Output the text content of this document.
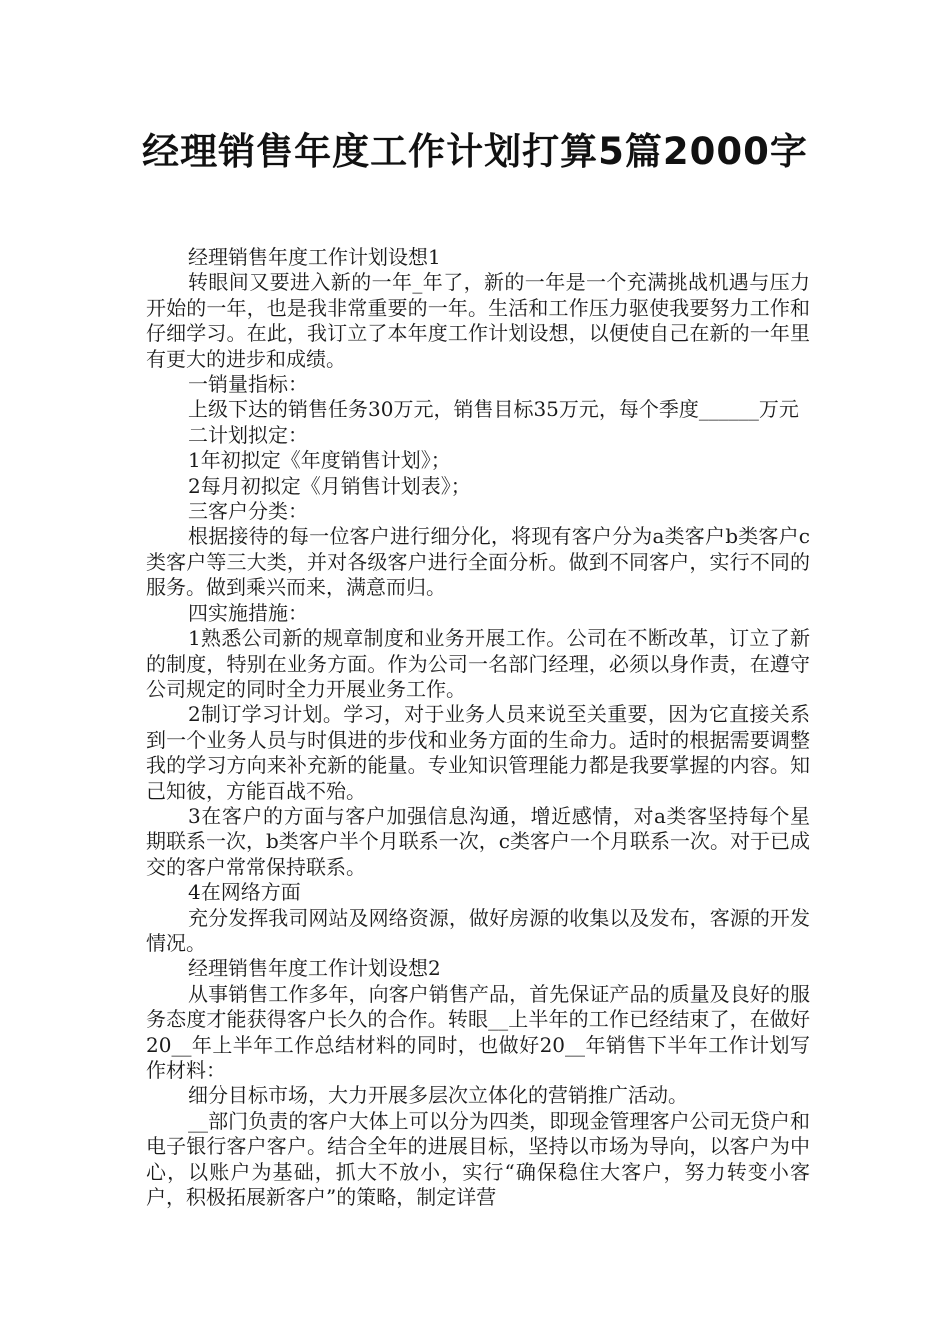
经理销售年度工作计划打算5篇2000字

经理销售年度工作计划设想1

转眼间又要进入新的一年_年了，新的一年是一个充满挑战机遇与压力开始的一年，也是我非常重要的一年。生活和工作压力驱使我要努力工作和仔细学习。在此，我订立了本年度工作计划设想，以便使自己在新的一年里有更大的进步和成绩。

一销量指标：

上级下达的销售任务30万元，销售目标35万元，每个季度______万元

二计划拟定：

1年初拟定《年度销售计划》；

2每月初拟定《月销售计划表》；

三客户分类：

根据接待的每一位客户进行细分化，将现有客户分为a类客户b类客户c类客户等三大类，并对各级客户进行全面分析。做到不同客户，实行不同的服务。做到乘兴而来，满意而归。

四实施措施：

1熟悉公司新的规章制度和业务开展工作。公司在不断改革，订立了新的制度，特别在业务方面。作为公司一名部门经理，必须以身作责，在遵守公司规定的同时全力开展业务工作。

2制订学习计划。学习，对于业务人员来说至关重要，因为它直接关系到一个业务人员与时俱进的步伐和业务方面的生命力。适时的根据需要调整我的学习方向来补充新的能量。专业知识管理能力都是我要掌握的内容。知己知彼，方能百战不殆。

3在客户的方面与客户加强信息沟通，增近感情，对a类客坚持每个星期联系一次，b类客户半个月联系一次，c类客户一个月联系一次。对于已成交的客户常常保持联系。

4在网络方面

充分发挥我司网站及网络资源，做好房源的收集以及发布，客源的开发情况。

经理销售年度工作计划设想2

从事销售工作多年，向客户销售产品，首先保证产品的质量及良好的服务态度才能获得客户长久的合作。转眼__上半年的工作已经结束了，在做好20__年上半年工作总结材料的同时，也做好20__年销售下半年工作计划写作材料：

细分目标市场，大力开展多层次立体化的营销推广活动。

__部门负责的客户大体上可以分为四类，即现金管理客户公司无贷户和电子银行客户客户。结合全年的进展目标，坚持以市场为导向，以客户为中心，以账户为基础，抓大不放小，实行“确保稳住大客户，努力转变小客户，积极拓展新客户”的策略，制定详营
